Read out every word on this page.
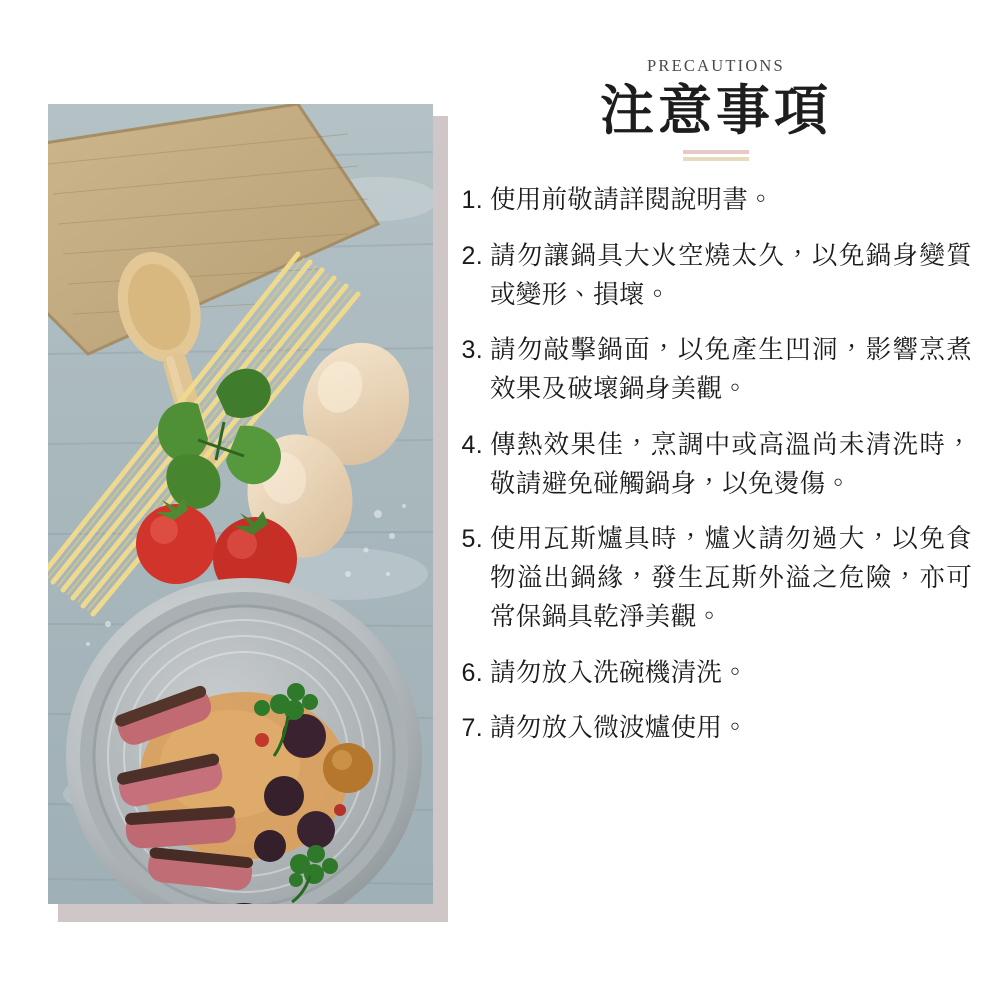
PRECAUTIONS

注意事項
1. 使用前敬請詳閱說明書。
2. 請勿讓鍋具大火空燒太久，以免鍋身變質或變形、損壞。
3. 請勿敲擊鍋面，以免產生凹洞，影響烹煮效果及破壞鍋身美觀。
4. 傳熱效果佳，烹調中或高溫尚未清洗時，敬請避免碰觸鍋身，以免燙傷。
5. 使用瓦斯爐具時，爐火請勿過大，以免食物溢出鍋緣，發生瓦斯外溢之危險，亦可常保鍋具乾淨美觀。
6. 請勿放入洗碗機清洗。
7. 請勿放入微波爐使用。
